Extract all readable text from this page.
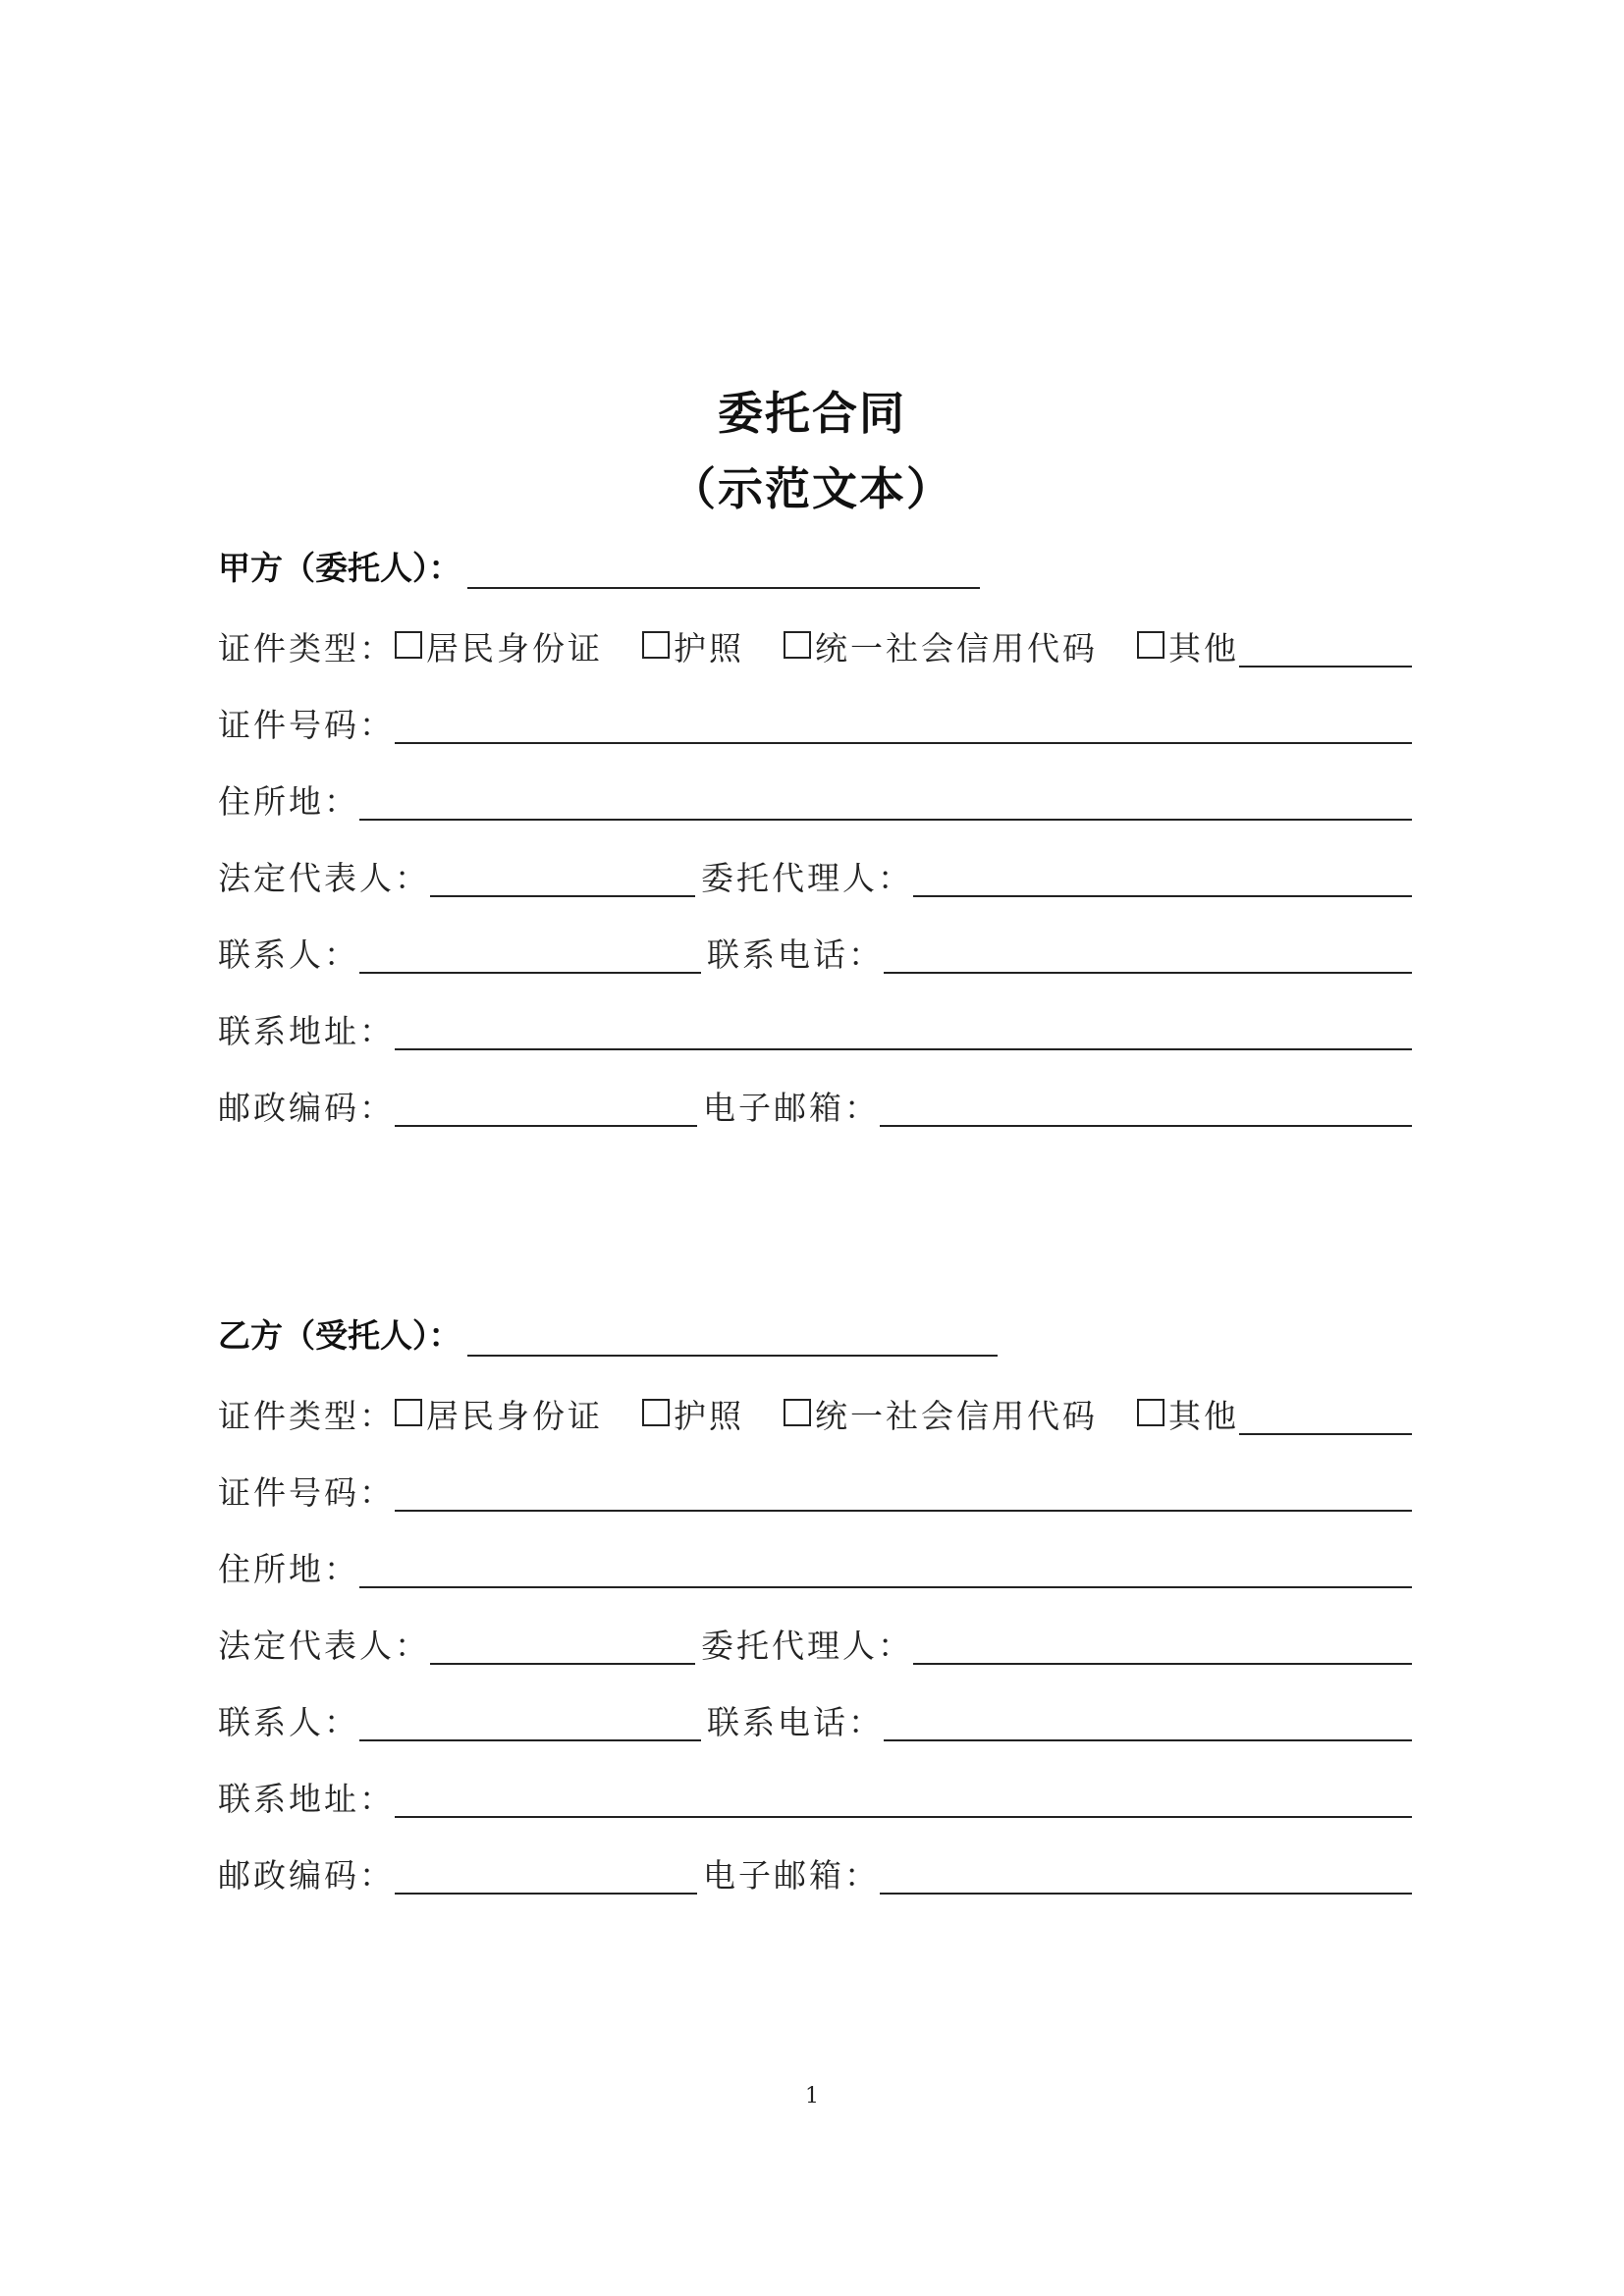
委托合同
（示范文本）
甲方（委托人）：
证件类型： 居民身份证 护照 统一社会信用代码 其他
证件号码：
住所地：
法定代表人：	委托代理人：
联系人：	联系电话：
联系地址：
邮政编码：	电子邮箱：
乙方（受托人）：
证件类型： 居民身份证 护照 统一社会信用代码 其他
证件号码：
住所地：
法定代表人：	委托代理人：
联系人：	联系电话：
联系地址：
邮政编码：	电子邮箱：
1
